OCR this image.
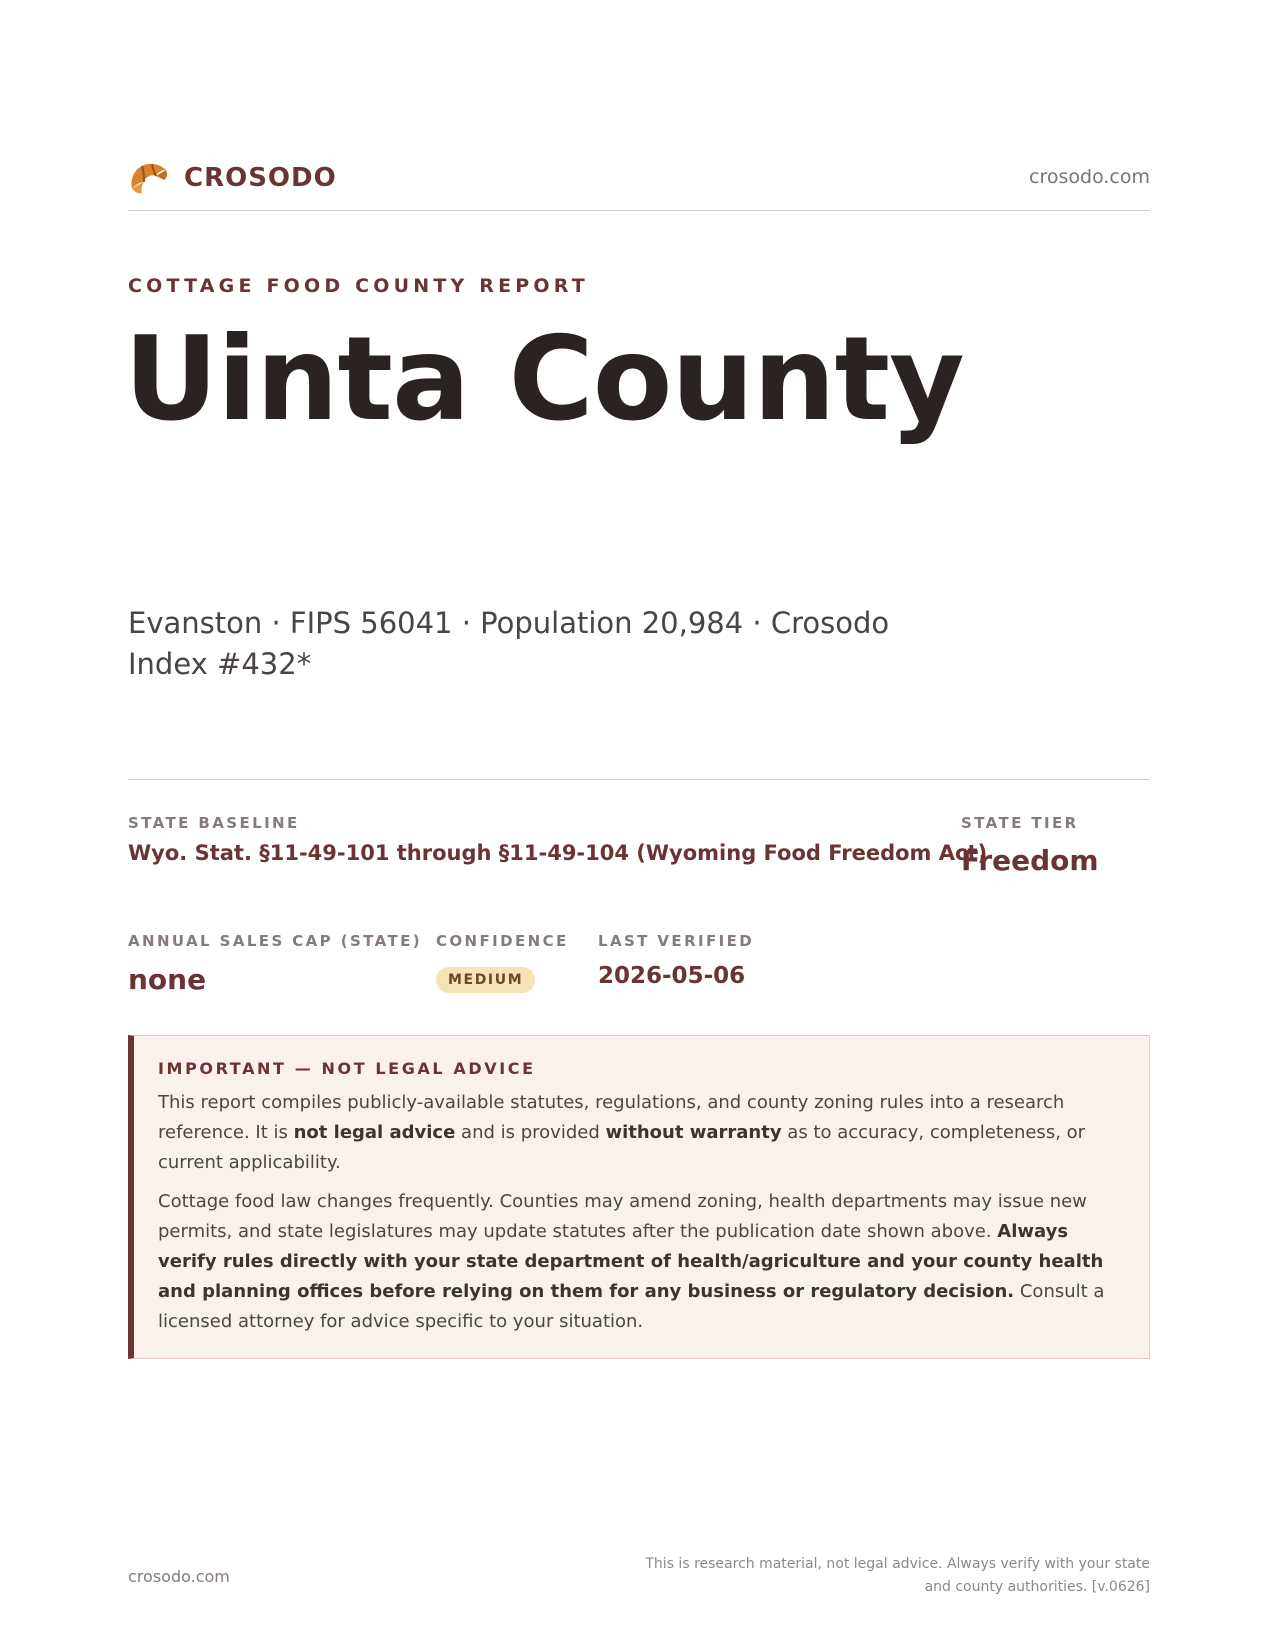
CROSODO	crosodo.com
COTTAGE FOOD COUNTY REPORT
Uinta County
Evanston · FIPS 56041 · Population 20,984 · Crosodo Index #432*
STATE BASELINE
Wyo. Stat. §11-49-101 through §11-49-104 (Wyoming Food Freedom Act)
STATE TIER
Freedom
ANNUAL SALES CAP (STATE)
none
CONFIDENCE
MEDIUM
LAST VERIFIED
2026-05-06
IMPORTANT — NOT LEGAL ADVICE

This report compiles publicly-available statutes, regulations, and county zoning rules into a research reference. It is not legal advice and is provided without warranty as to accuracy, completeness, or current applicability.

Cottage food law changes frequently. Counties may amend zoning, health departments may issue new permits, and state legislatures may update statutes after the publication date shown above. Always verify rules directly with your state department of health/agriculture and your county health and planning offices before relying on them for any business or regulatory decision. Consult a licensed attorney for advice specific to your situation.

crosodo.com
This is research material, not legal advice. Always verify with your state
and county authorities. [v.0626]
